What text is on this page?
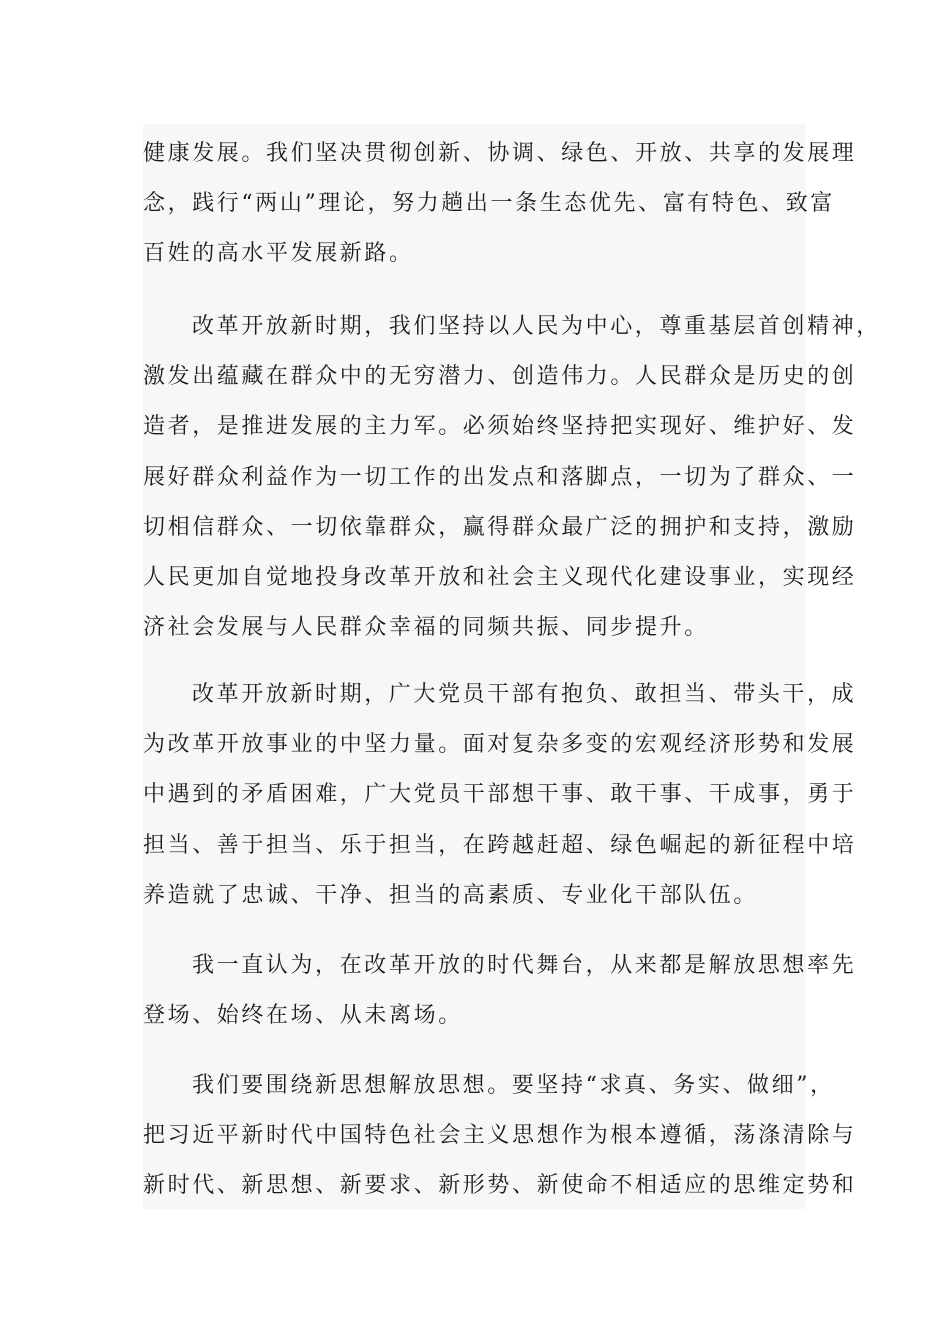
健康发展。我们坚决贯彻创新、协调、绿色、开放、共享的发展理
念，践行“两山”理论，努力趟出一条生态优先、富有特色、致富
百姓的高水平发展新路。

改革开放新时期，我们坚持以人民为中心，尊重基层首创精神，
激发出蕴藏在群众中的无穷潜力、创造伟力。人民群众是历史的创
造者，是推进发展的主力军。必须始终坚持把实现好、维护好、发
展好群众利益作为一切工作的出发点和落脚点，一切为了群众、一
切相信群众、一切依靠群众，赢得群众最广泛的拥护和支持，激励
人民更加自觉地投身改革开放和社会主义现代化建设事业，实现经
济社会发展与人民群众幸福的同频共振、同步提升。

改革开放新时期，广大党员干部有抱负、敢担当、带头干，成
为改革开放事业的中坚力量。面对复杂多变的宏观经济形势和发展
中遇到的矛盾困难，广大党员干部想干事、敢干事、干成事，勇于
担当、善于担当、乐于担当，在跨越赶超、绿色崛起的新征程中培
养造就了忠诚、干净、担当的高素质、专业化干部队伍。

我一直认为，在改革开放的时代舞台，从来都是解放思想率先
登场、始终在场、从未离场。

我们要围绕新思想解放思想。要坚持“求真、务实、做细”，
把习近平新时代中国特色社会主义思想作为根本遵循，荡涤清除与
新时代、新思想、新要求、新形势、新使命不相适应的思维定势和
